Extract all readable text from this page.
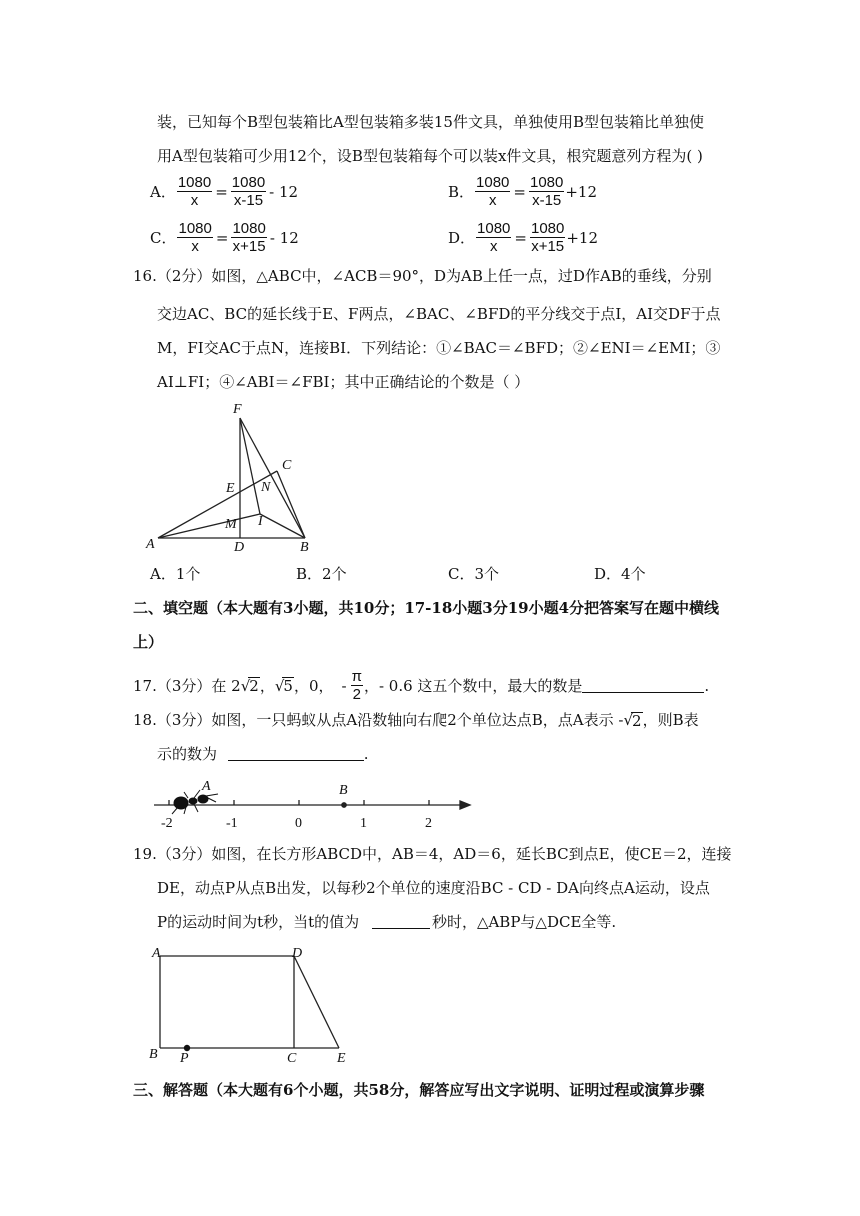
装，已知每个B型包装箱比A型包装箱多装15件文具，单独使用B型包装箱比单独使
用A型包装箱可少用12个，设B型包装箱每个可以装x件文具，根究题意列方程为( )
A． $\frac{1080}{x} = \frac{1080}{x-15} - 12$	B． $\frac{1080}{x} = \frac{1080}{x-15} +12$
C． $\frac{1080}{x} = \frac{1080}{x+15} - 12$	D． $\frac{1080}{x} = \frac{1080}{x+15} +12$
16.（2分）如图，△ABC中，∠ACB＝90°，D为AB上任一点，过D作AB的垂线，分别
交边AC、BC的延长线于E、F两点，∠BAC、∠BFD的平分线交于点I，AI交DF于点
M，FI交AC于点N，连接BI．下列结论：①∠BAC＝∠BFD；②∠ENI＝∠EMI；③
AI⊥FI；④∠ABI＝∠FBI；其中正确结论的个数是（ ）
F
C
E N
I
M
A	D	B
A．1个	B．2个	C．3个	D．4个
二、填空题（本大题有3小题，共10分；17-18小题3分19小题4分把答案写在题中横线
上）
17.（3分）在 2 √ 2 ， √ 5 ，0， - $\frac{\pi}{2}$ ，- 0.6 这五个数中，最大的数是	.
18.（3分）如图，一只蚂蚁从点A沿数轴向右爬2个单位达点B，点A表示 - √ 2 ，则B表
示的数为	.
A	B
-2	-1	0	1	2
19.（3分）如图，在长方形ABCD中，AB＝4，AD＝6，延长BC到点E，使CE＝2，连接
DE，动点P从点B出发，以每秒2个单位的速度沿BC - CD - DA向终点A运动，设点
P的运动时间为t秒，当t的值为	秒时，△ABP与△DCE全等.
A	D
B P	C	E
三、解答题（本大题有6个小题，共58分，解答应写出文字说明、证明过程或演算步骤
